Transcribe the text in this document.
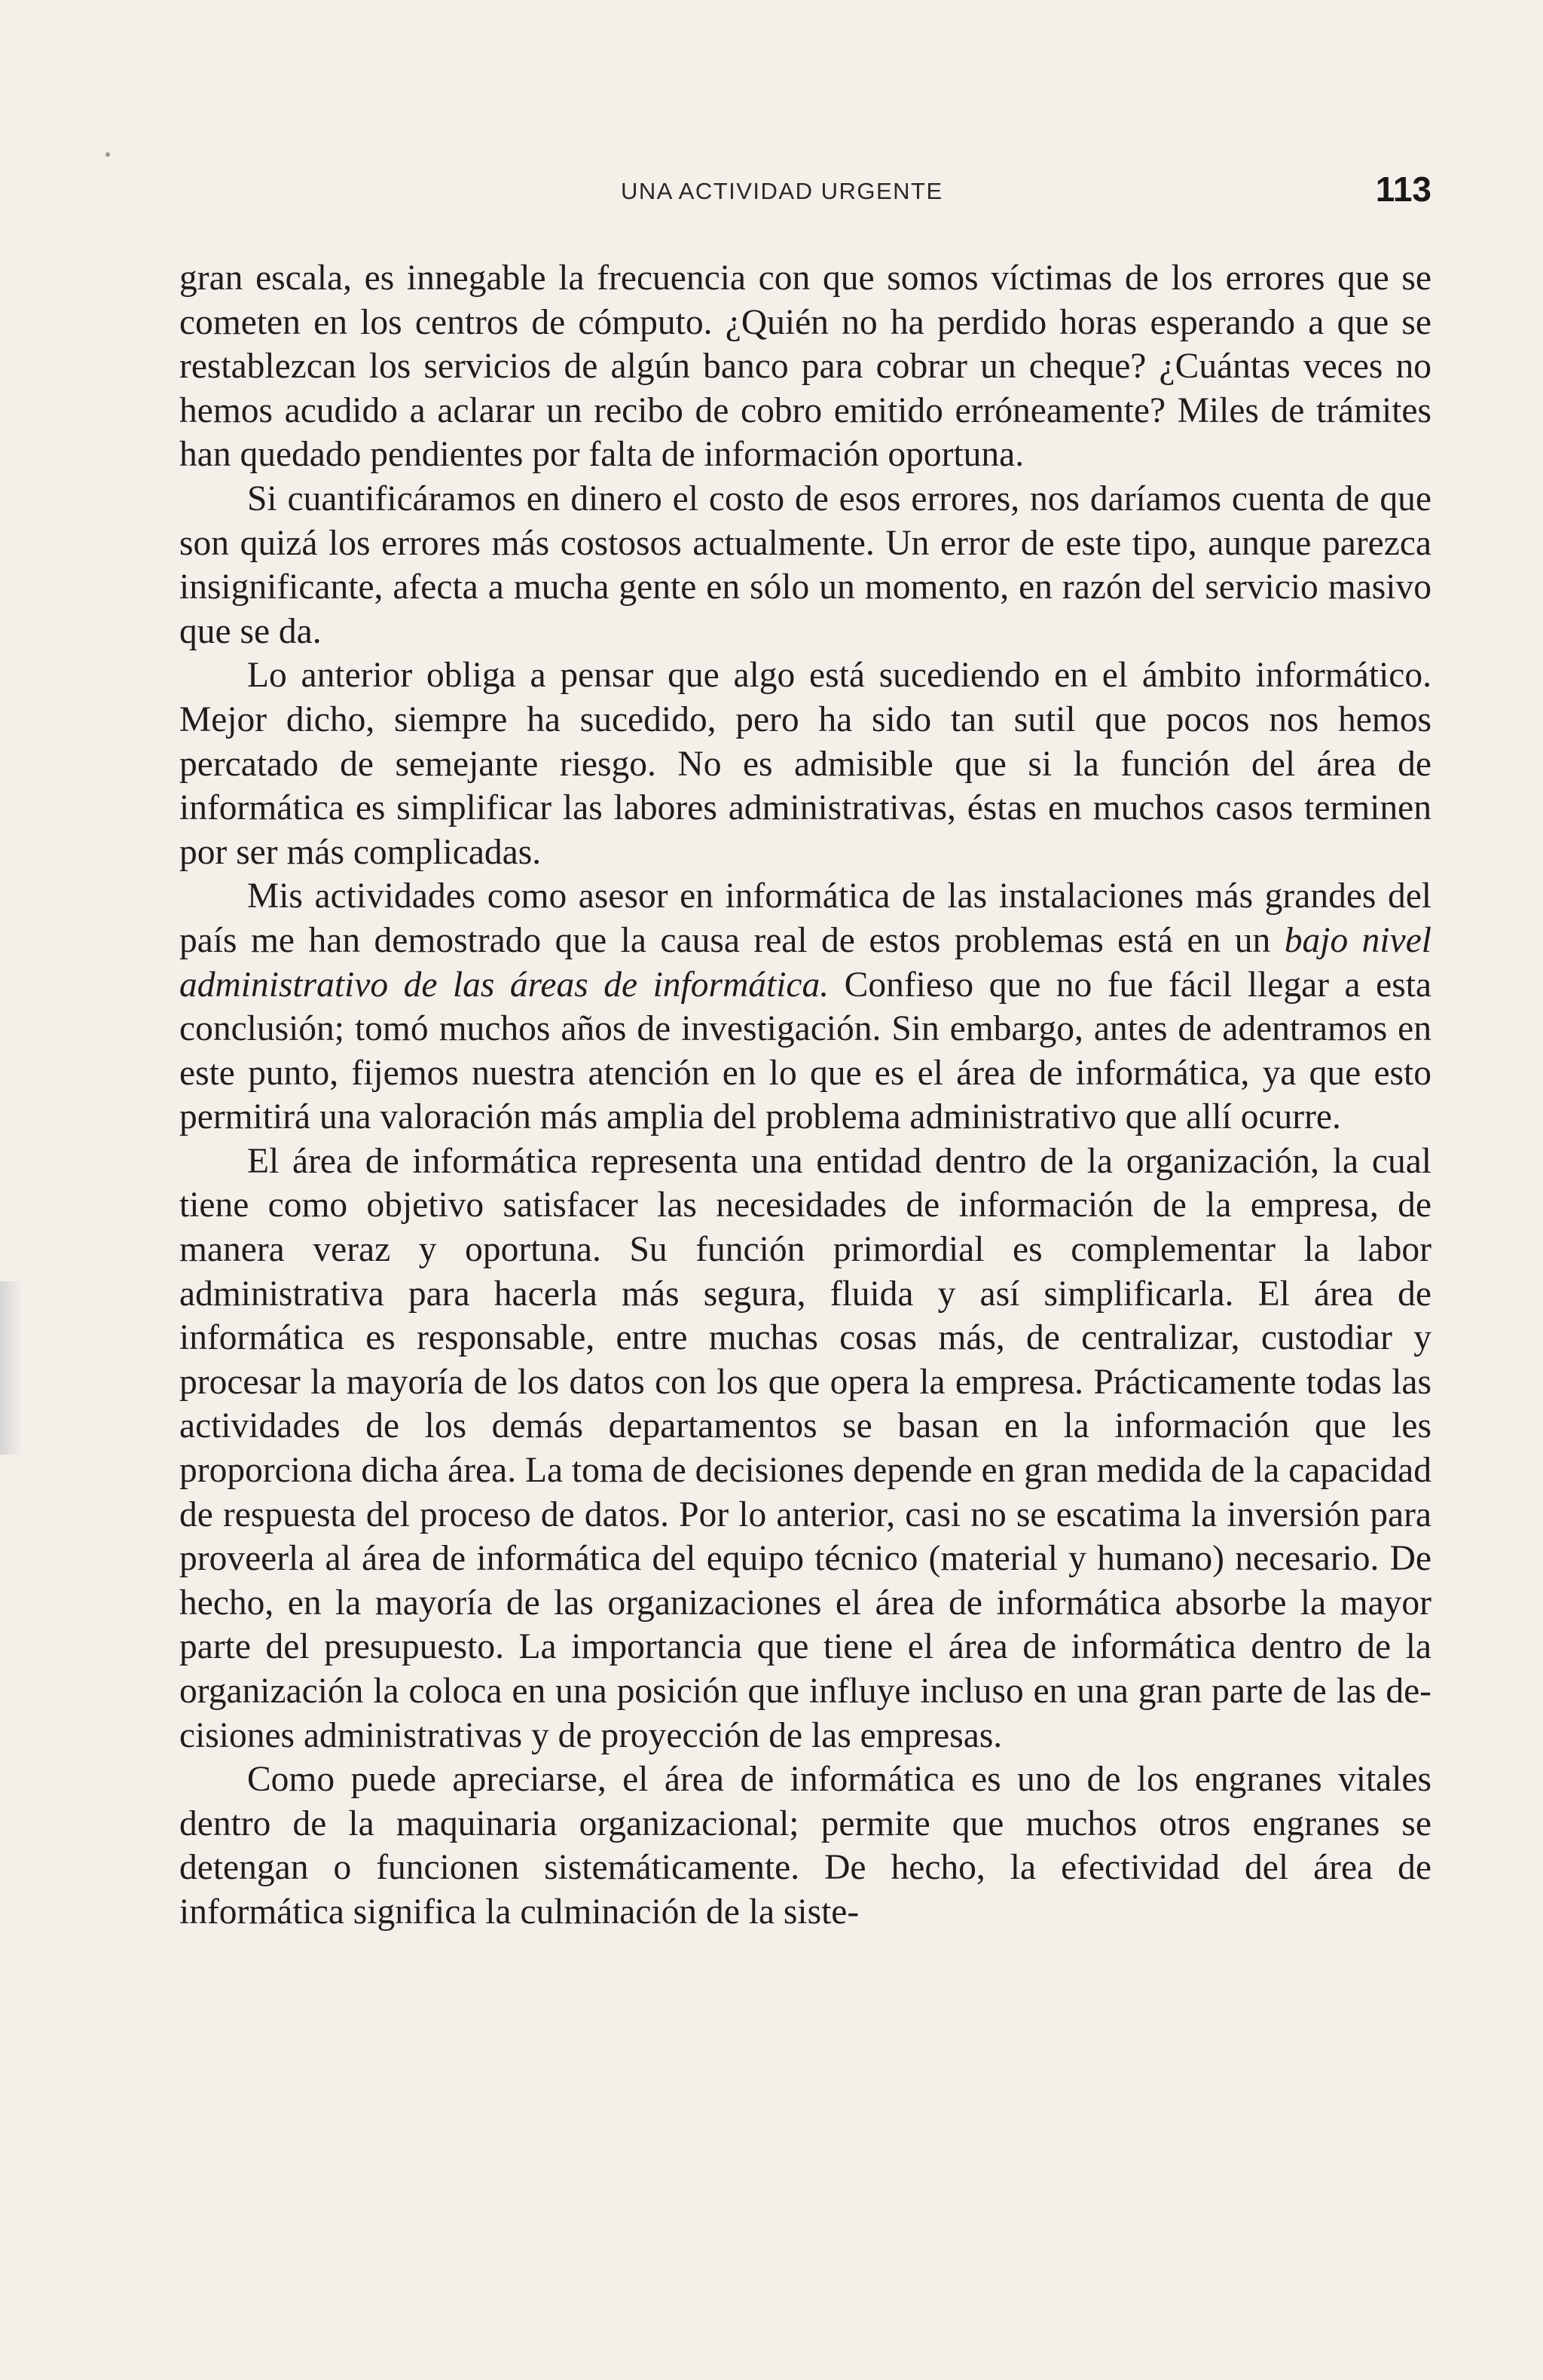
UNA ACTIVIDAD URGENTE	113

gran escala, es innegable la frecuencia con que somos víctimas de los errores que se cometen en los centros de cómputo. ¿Quién no ha perdido horas esperando a que se restablezcan los servicios de algún banco para cobrar un cheque? ¿Cuántas veces no hemos acudido a aclarar un recibo de cobro emitido erróneamente? Miles de trámites han quedado pendientes por falta de información oportuna.

Si cuantificáramos en dinero el costo de esos errores, nos daríamos cuenta de que son quizá los errores más costosos actualmente. Un error de este tipo, aunque parezca insignificante, afecta a mucha gente en sólo un momento, en razón del servicio masivo que se da.

Lo anterior obliga a pensar que algo está sucediendo en el ámbito informático. Mejor dicho, siempre ha sucedido, pero ha sido tan sutil que pocos nos hemos percatado de semejante riesgo. No es admisible que si la función del área de informática es simplificar las labores administrativas, éstas en muchos casos terminen por ser más complicadas.

Mis actividades como asesor en informática de las instalaciones más grandes del país me han demostrado que la causa real de estos problemas está en un bajo nivel administrativo de las áreas de informática. Confieso que no fue fácil llegar a esta conclusión; tomó muchos años de investigación. Sin embargo, antes de adentramos en este punto, fijemos nuestra atención en lo que es el área de informática, ya que esto permitirá una valoración más amplia del problema administrativo que allí ocurre.

El área de informática representa una entidad dentro de la organización, la cual tiene como objetivo satisfacer las necesidades de información de la empresa, de manera veraz y oportuna. Su función primordial es complementar la labor administrativa para hacerla más segura, fluida y así simplificarla. El área de informática es responsable, entre muchas cosas más, de centralizar, custodiar y procesar la mayoría de los datos con los que opera la empresa. Prácticamente todas las actividades de los demás departamentos se basan en la información que les proporciona dicha área. La toma de decisiones depende en gran medida de la capacidad de respuesta del proceso de datos. Por lo anterior, casi no se escatima la inversión para proveerla al área de informática del equipo técnico (material y humano) necesario. De hecho, en la mayoría de las organizaciones el área de informática absorbe la mayor parte del presupuesto. La importancia que tiene el área de informática dentro de la organización la coloca en una posición que influye incluso en una gran parte de las decisiones administrativas y de proyección de las empresas.

Como puede apreciarse, el área de informática es uno de los engranes vitales dentro de la maquinaria organizacional; permite que muchos otros engranes se detengan o funcionen sistemáticamente. De hecho, la efectividad del área de informática significa la culminación de la siste-
